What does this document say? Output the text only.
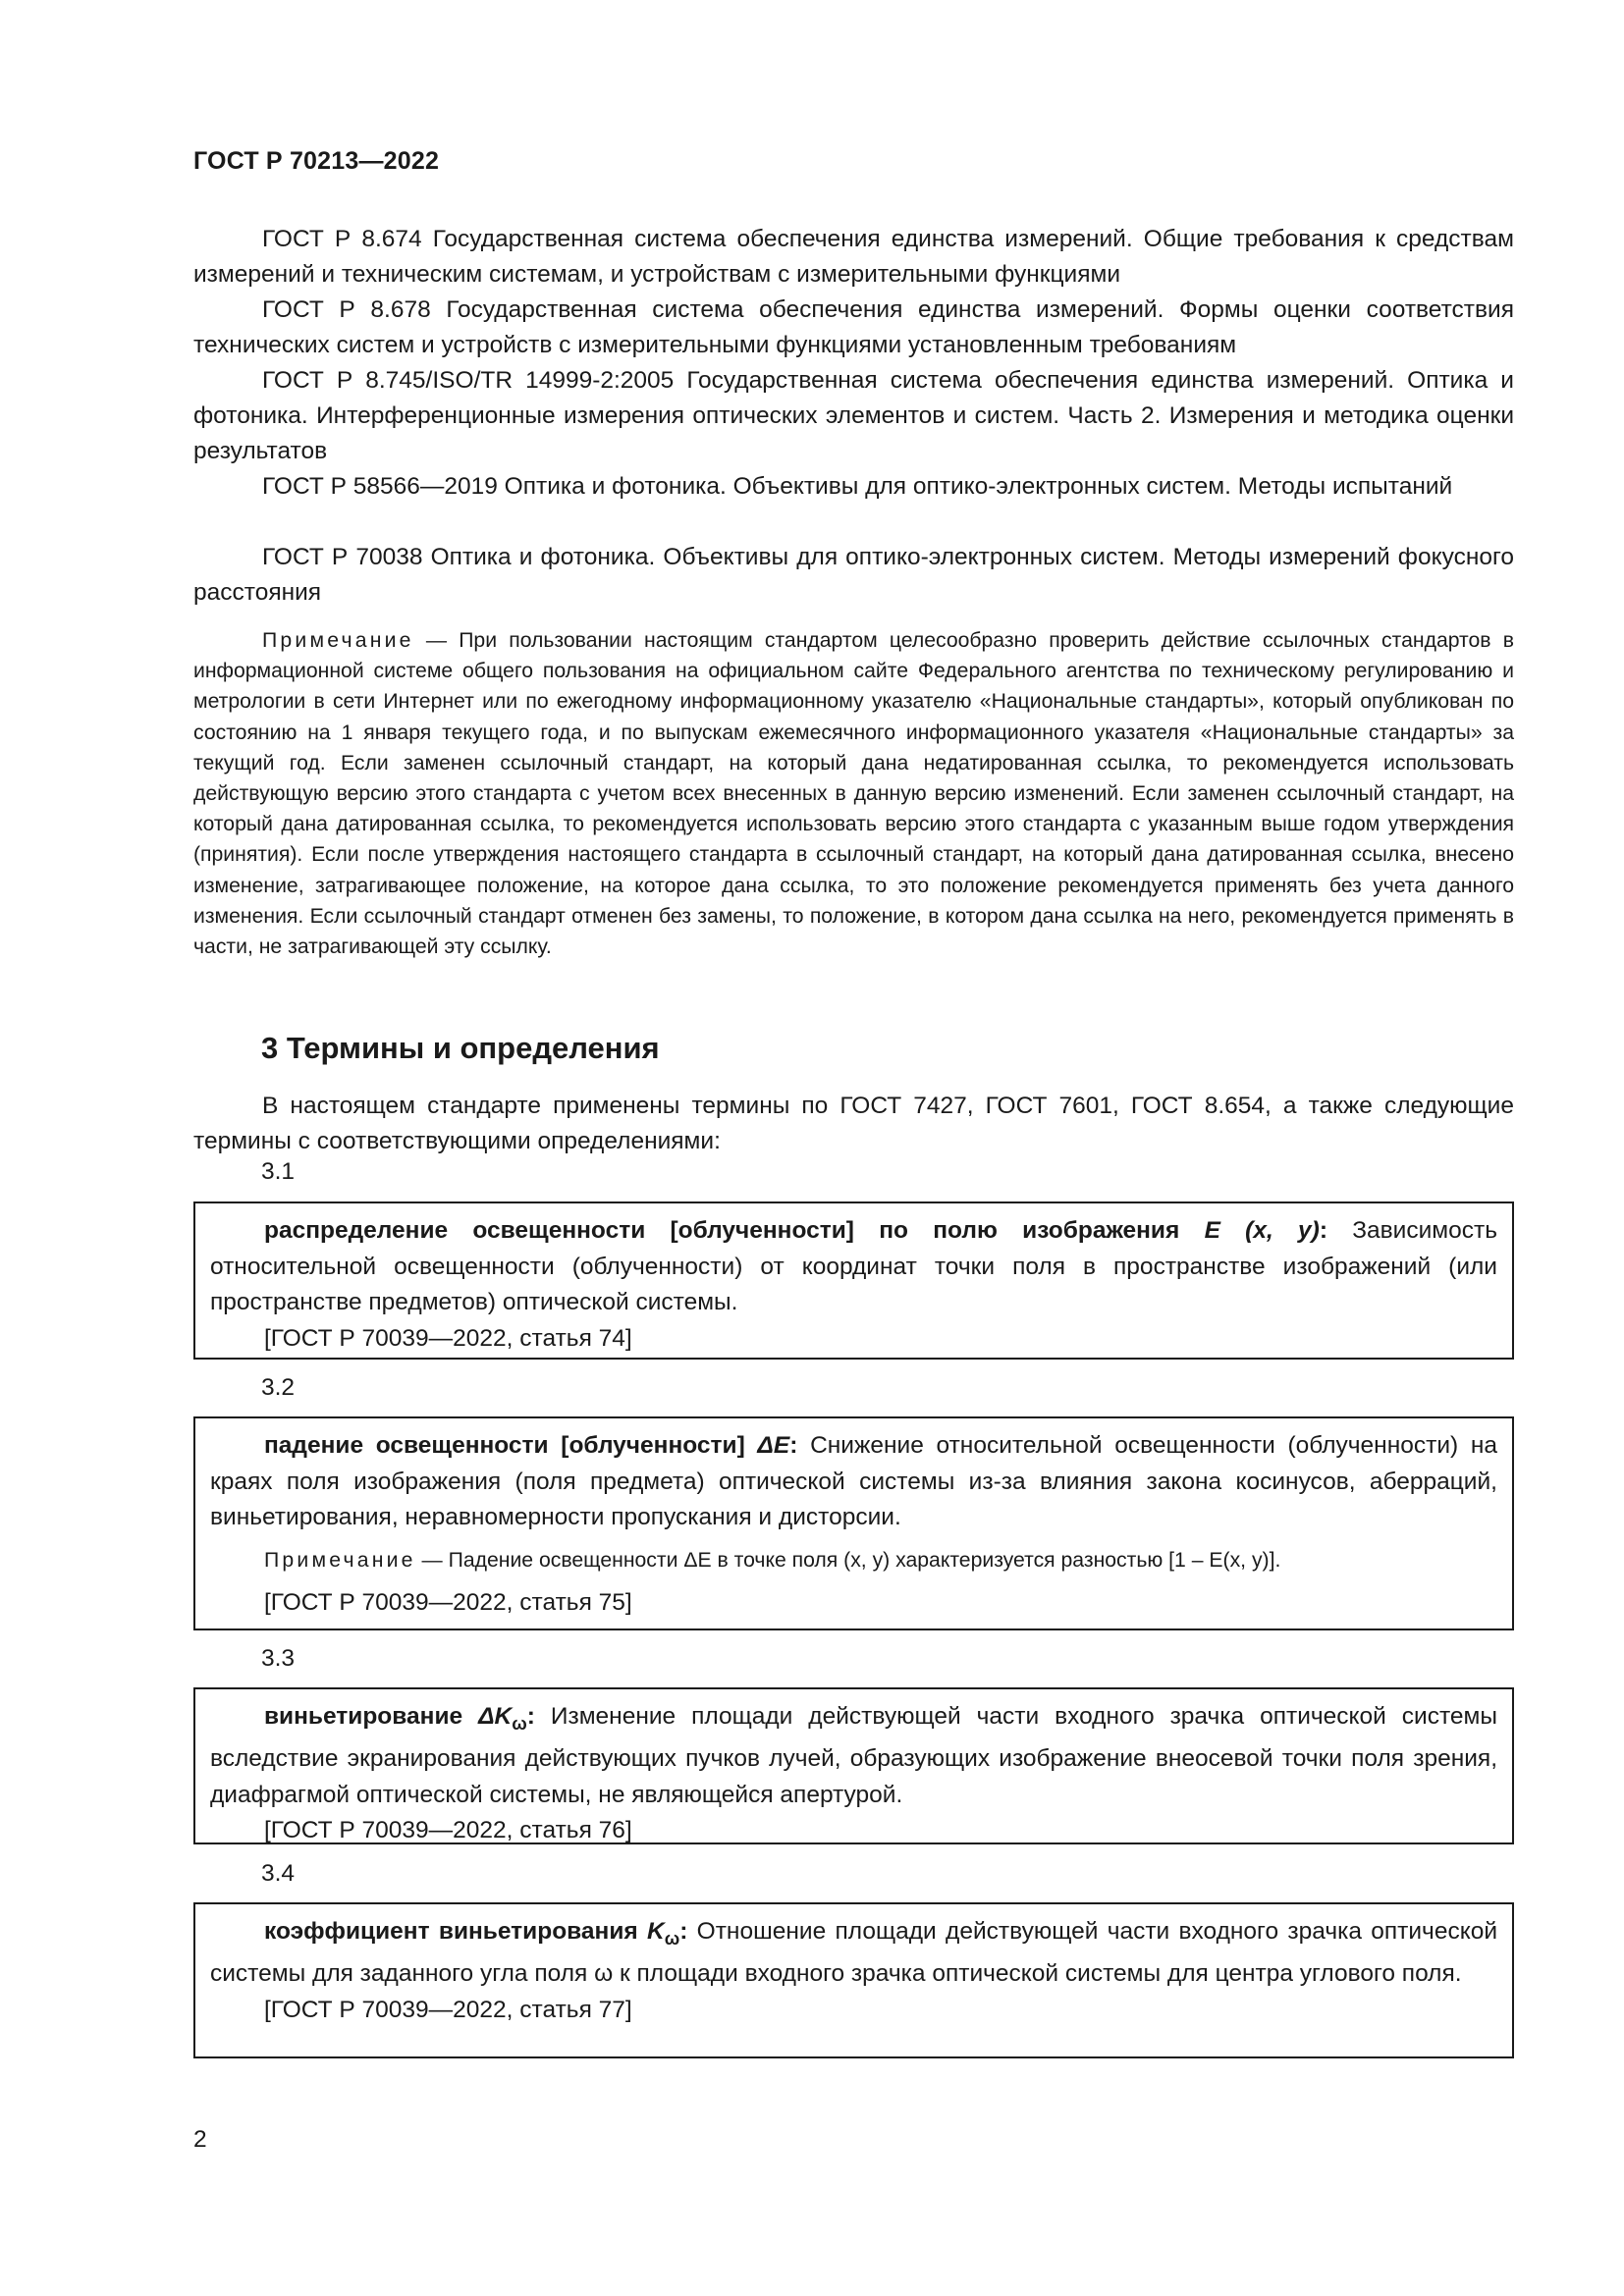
ГОСТ Р 70213—2022

ГОСТ Р 8.674 Государственная система обеспечения единства измерений. Общие требования к средствам измерений и техническим системам, и устройствам с измерительными функциями

ГОСТ Р 8.678 Государственная система обеспечения единства измерений. Формы оценки соответствия технических систем и устройств с измерительными функциями установленным требованиям

ГОСТ Р 8.745/ISO/TR 14999-2:2005 Государственная система обеспечения единства измерений. Оптика и фотоника. Интерференционные измерения оптических элементов и систем. Часть 2. Измерения и методика оценки результатов

ГОСТ Р 58566—2019 Оптика и фотоника. Объективы для оптико-электронных систем. Методы испытаний

ГОСТ Р 70038 Оптика и фотоника. Объективы для оптико-электронных систем. Методы измерений фокусного расстояния

Примечание — При пользовании настоящим стандартом целесообразно проверить действие ссылочных стандартов в информационной системе общего пользования на официальном сайте Федерального агентства по техническому регулированию и метрологии в сети Интернет или по ежегодному информационному указателю «Национальные стандарты», который опубликован по состоянию на 1 января текущего года, и по выпускам ежемесячного информационного указателя «Национальные стандарты» за текущий год. Если заменен ссылочный стандарт, на который дана недатированная ссылка, то рекомендуется использовать действующую версию этого стандарта с учетом всех внесенных в данную версию изменений. Если заменен ссылочный стандарт, на который дана датированная ссылка, то рекомендуется использовать версию этого стандарта с указанным выше годом утверждения (принятия). Если после утверждения настоящего стандарта в ссылочный стандарт, на который дана датированная ссылка, внесено изменение, затрагивающее положение, на которое дана ссылка, то это положение рекомендуется применять без учета данного изменения. Если ссылочный стандарт отменен без замены, то положение, в котором дана ссылка на него, рекомендуется применять в части, не затрагивающей эту ссылку.

3 Термины и определения

В настоящем стандарте применены термины по ГОСТ 7427, ГОСТ 7601, ГОСТ 8.654, а также следующие термины с соответствующими определениями:

3.1

распределение освещенности [облученности] по полю изображения E (x, y): Зависимость относительной освещенности (облученности) от координат точки поля в пространстве изображений (или пространстве предметов) оптической системы.

[ГОСТ Р 70039—2022, статья 74]

3.2

падение освещенности [облученности] ΔE: Снижение относительной освещенности (облученности) на краях поля изображения (поля предмета) оптической системы из-за влияния закона косинусов, аберраций, виньетирования, неравномерности пропускания и дисторсии.

Примечание — Падение освещенности ΔE в точке поля (x, y) характеризуется разностью [1 – E(x, y)].

[ГОСТ Р 70039—2022, статья 75]

3.3

виньетирование $\Delta K_\omega$: Изменение площади действующей части входного зрачка оптической системы вследствие экранирования действующих пучков лучей, образующих изображение внеосевой точки поля зрения, диафрагмой оптической системы, не являющейся апертурой.

[ГОСТ Р 70039—2022, статья 76]

3.4

коэффициент виньетирования $K_\omega$: Отношение площади действующей части входного зрачка оптической системы для заданного угла поля ω к площади входного зрачка оптической системы для центра углового поля.

[ГОСТ Р 70039—2022, статья 77]

2
